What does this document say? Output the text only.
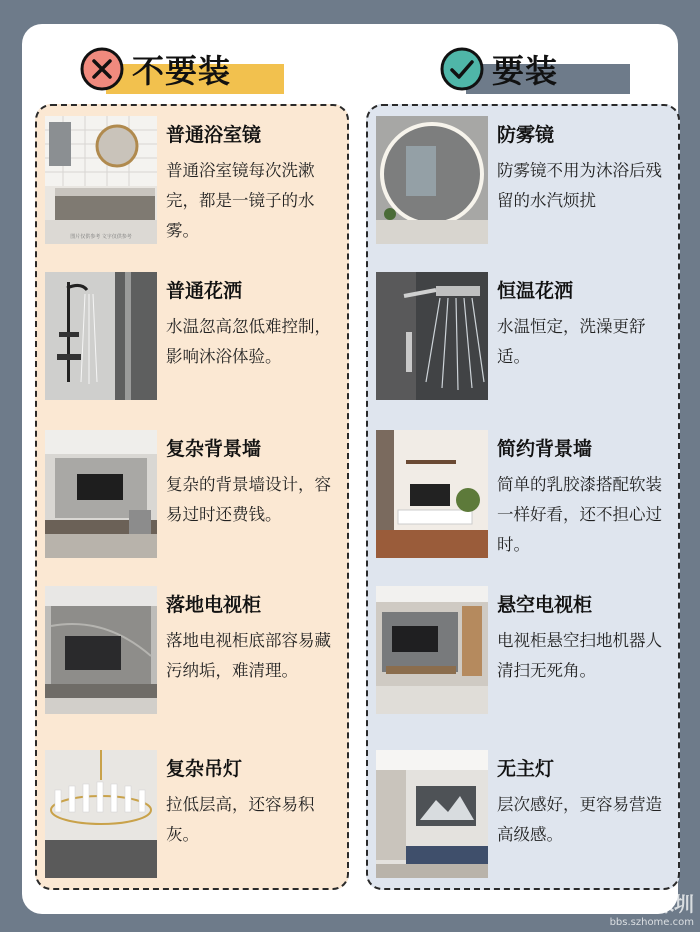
不要装	要装
图片仅供参考 文字仅供参考
普通浴室镜
普通浴室镜每次洗漱完，都是一镜子的水雾。
普通花洒
水温忽高忽低难控制，影响沐浴体验。
复杂背景墙
复杂的背景墙设计，容易过时还费钱。
落地电视柜
落地电视柜底部容易藏污纳垢，难清理。
复杂吊灯
拉低层高，还容易积灰。
防雾镜
防雾镜不用为沐浴后残留的水汽烦扰
恒温花洒
水温恒定，洗澡更舒适。
简约背景墙
简单的乳胶漆搭配软装一样好看，还不担心过时。
悬空电视柜
电视柜悬空扫地机器人清扫无死角。
无主灯
层次感好，更容易营造高级感。
家在深圳
bbs.szhome.com
